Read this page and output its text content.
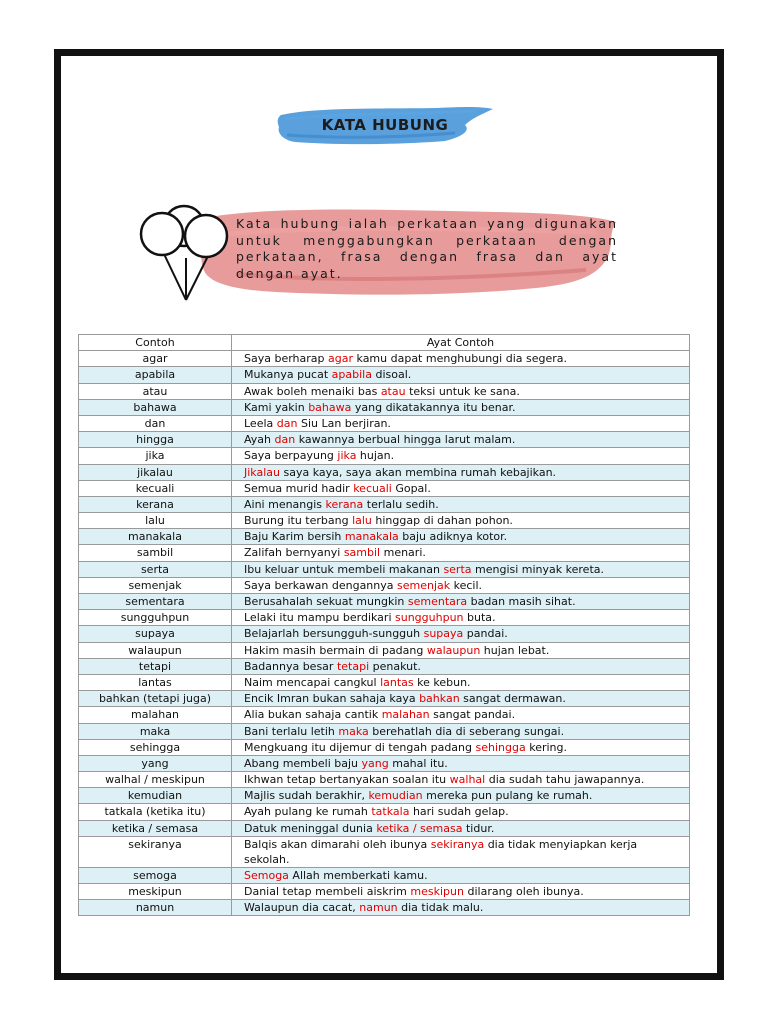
KATA HUBUNG
Kata hubung ialah perkataan yang digunakan untuk menggabungkan perkataan dengan perkataan, frasa dengan frasa dan ayat dengan ayat.
Contoh	Ayat Contoh
agar	Saya berharap agar kamu dapat menghubungi dia segera.
apabila	Mukanya pucat apabila disoal.
atau	Awak boleh menaiki bas atau teksi untuk ke sana.
bahawa	Kami yakin bahawa yang dikatakannya itu benar.
dan	Leela dan Siu Lan berjiran.
hingga	Ayah dan kawannya berbual hingga larut malam.
jika	Saya berpayung jika hujan.
jikalau	Jikalau saya kaya, saya akan membina rumah kebajikan.
kecuali	Semua murid hadir kecuali Gopal.
kerana	Aini menangis kerana terlalu sedih.
lalu	Burung itu terbang lalu hinggap di dahan pohon.
manakala	Baju Karim bersih manakala baju adiknya kotor.
sambil	Zalifah bernyanyi sambil menari.
serta	Ibu keluar untuk membeli makanan serta mengisi minyak kereta.
semenjak	Saya berkawan dengannya semenjak kecil.
sementara	Berusahalah sekuat mungkin sementara badan masih sihat.
sungguhpun	Lelaki itu mampu berdikari sungguhpun buta.
supaya	Belajarlah bersungguh-sungguh supaya pandai.
walaupun	Hakim masih bermain di padang walaupun hujan lebat.
tetapi	Badannya besar tetapi penakut.
lantas	Naim mencapai cangkul lantas ke kebun.
bahkan (tetapi juga)	Encik Imran bukan sahaja kaya bahkan sangat dermawan.
malahan	Alia bukan sahaja cantik malahan sangat pandai.
maka	Bani terlalu letih maka berehatlah dia di seberang sungai.
sehingga	Mengkuang itu dijemur di tengah padang sehingga kering.
yang	Abang membeli baju yang mahal itu.
walhal / meskipun	Ikhwan tetap bertanyakan soalan itu walhal dia sudah tahu jawapannya.
kemudian	Majlis sudah berakhir, kemudian mereka pun pulang ke rumah.
tatkala (ketika itu)	Ayah pulang ke rumah tatkala hari sudah gelap.
ketika / semasa	Datuk meninggal dunia ketika / semasa tidur.
sekiranya	Balqis akan dimarahi oleh ibunya sekiranya dia tidak menyiapkan kerja sekolah.
semoga	Semoga Allah memberkati kamu.
meskipun	Danial tetap membeli aiskrim meskipun dilarang oleh ibunya.
namun	Walaupun dia cacat, namun dia tidak malu.
